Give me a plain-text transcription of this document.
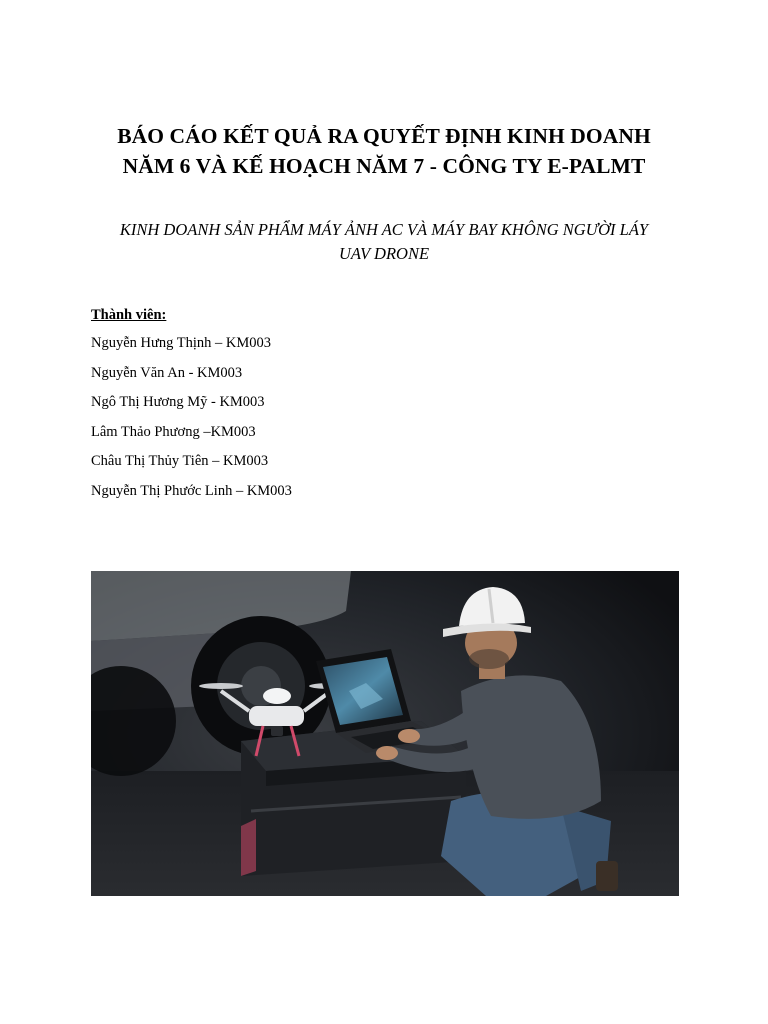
BÁO CÁO KẾT QUẢ RA QUYẾT ĐỊNH KINH DOANH
NĂM 6 VÀ KẾ HOẠCH NĂM 7 - CÔNG TY E-PALMT
KINH DOANH SẢN PHẨM MÁY ẢNH AC VÀ MÁY BAY KHÔNG NGƯỜI LÁY
UAV DRONE
Thành viên:
Nguyễn Hưng Thịnh – KM003
Nguyễn Văn An - KM003
Ngô Thị Hương Mỹ - KM003
Lâm Thảo Phương –KM003
Châu Thị Thủy Tiên – KM003
Nguyễn Thị Phước Linh – KM003
